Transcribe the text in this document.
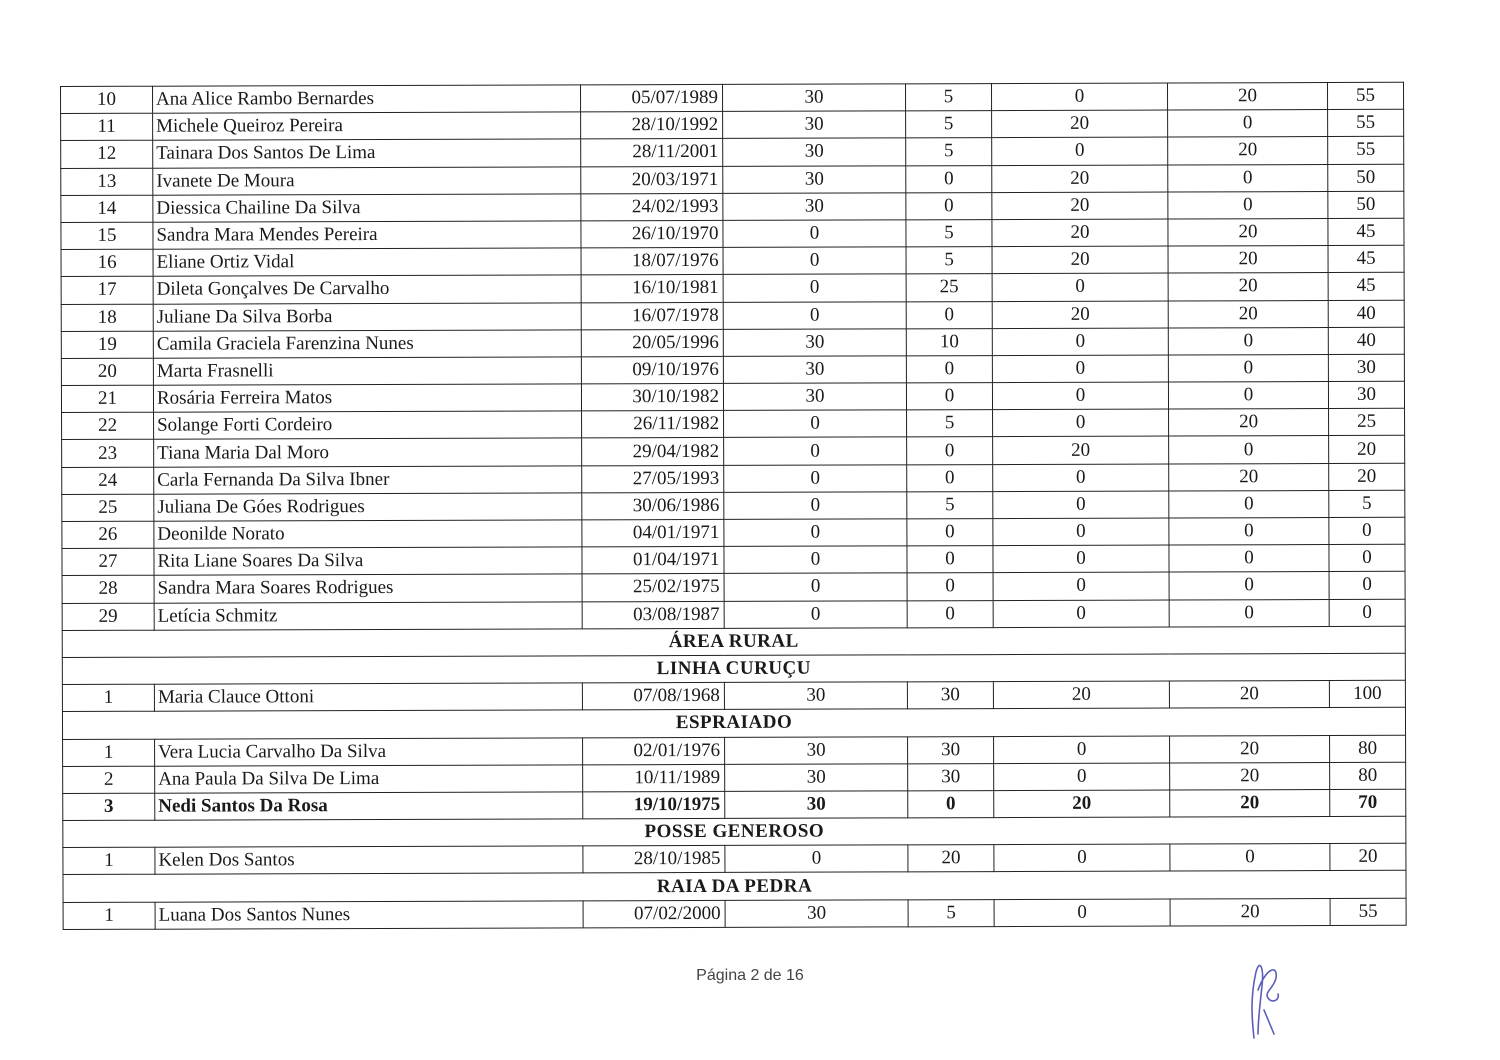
10	Ana Alice Rambo Bernardes	05/07/1989	30	5	0	20	55
11	Michele Queiroz Pereira	28/10/1992	30	5	20	0	55
12	Tainara Dos Santos De Lima	28/11/2001	30	5	0	20	55
13	Ivanete De Moura	20/03/1971	30	0	20	0	50
14	Diessica Chailine Da Silva	24/02/1993	30	0	20	0	50
15	Sandra Mara Mendes Pereira	26/10/1970	0	5	20	20	45
16	Eliane Ortiz Vidal	18/07/1976	0	5	20	20	45
17	Dileta Gonçalves De Carvalho	16/10/1981	0	25	0	20	45
18	Juliane Da Silva Borba	16/07/1978	0	0	20	20	40
19	Camila Graciela Farenzina Nunes	20/05/1996	30	10	0	0	40
20	Marta Frasnelli	09/10/1976	30	0	0	0	30
21	Rosária Ferreira Matos	30/10/1982	30	0	0	0	30
22	Solange Forti Cordeiro	26/11/1982	0	5	0	20	25
23	Tiana Maria Dal Moro	29/04/1982	0	0	20	0	20
24	Carla Fernanda Da Silva Ibner	27/05/1993	0	0	0	20	20
25	Juliana De Góes Rodrigues	30/06/1986	0	5	0	0	5
26	Deonilde Norato	04/01/1971	0	0	0	0	0
27	Rita Liane Soares Da Silva	01/04/1971	0	0	0	0	0
28	Sandra Mara Soares Rodrigues	25/02/1975	0	0	0	0	0
29	Letícia Schmitz	03/08/1987	0	0	0	0	0
ÁREA RURAL							
LINHA CURUÇU							
1	Maria Clauce Ottoni	07/08/1968	30	30	20	20	100
ESPRAIADO							
1	Vera Lucia Carvalho Da Silva	02/01/1976	30	30	0	20	80
2	Ana Paula Da Silva De Lima	10/11/1989	30	30	0	20	80
3	Nedi Santos Da Rosa	19/10/1975	30	0	20	20	70
POSSE GENEROSO							
1	Kelen Dos Santos	28/10/1985	0	20	0	0	20
RAIA DA PEDRA							
1	Luana Dos Santos Nunes	07/02/2000	30	5	0	20	55
Página 2 de 16
